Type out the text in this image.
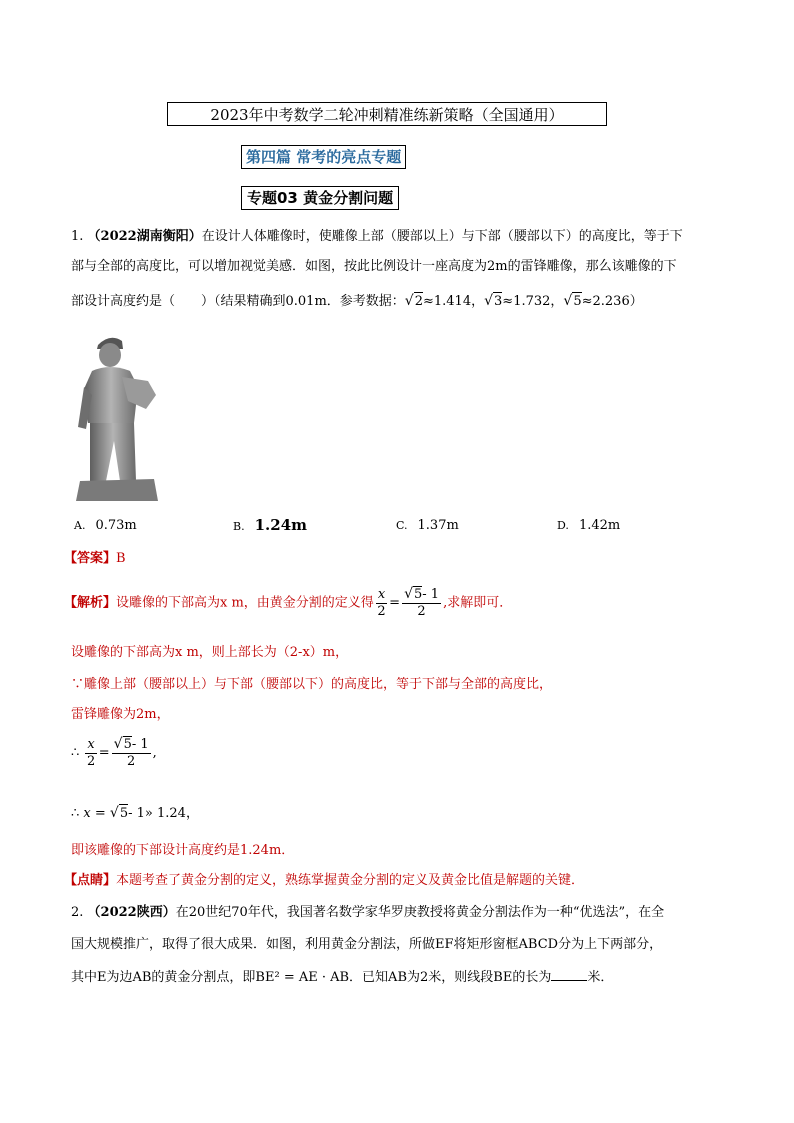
2023年中考数学二轮冲刺精准练新策略（全国通用）
第四篇 常考的亮点专题
专题03 黄金分割问题
1. （2022湖南衡阳）在设计人体雕像时，使雕像上部（腰部以上）与下部（腰部以下）的高度比，等于下
部与全部的高度比，可以增加视觉美感．如图，按此比例设计一座高度为2m的雷锋雕像，那么该雕像的下
部设计高度约是（　　）（结果精确到0.01m．参考数据：√2≈1.414，√3≈1.732，√5≈2.236）
A. 0.73m	B. 1.24m	C. 1.37m	D. 1.42m
【答案】B
【解析】设雕像的下部高为x m，由黄金分割的定义得 $\frac{x}{2} = \frac{√5- 1}{2}$ ,求解即可．
设雕像的下部高为x m，则上部长为（2-x）m，
∵雕像上部（腰部以上）与下部（腰部以下）的高度比，等于下部与全部的高度比，
雷锋雕像为2m，
∴ $\frac{x}{2} = \frac{√5- 1}{2}$ ,
∴ x = √5- 1» 1.24，
即该雕像的下部设计高度约是1.24m．
【点睛】本题考查了黄金分割的定义，熟练掌握黄金分割的定义及黄金比值是解题的关键．
2. （2022陕西）在20世纪70年代，我国著名数学家华罗庚教授将黄金分割法作为一种“优选法”，在全
国大规模推广，取得了很大成果．如图，利用黄金分割法，所做EF将矩形窗框ABCD分为上下两部分，
其中E为边AB的黄金分割点，即BE² = AE · AB．已知AB为2米，则线段BE的长为	米．
